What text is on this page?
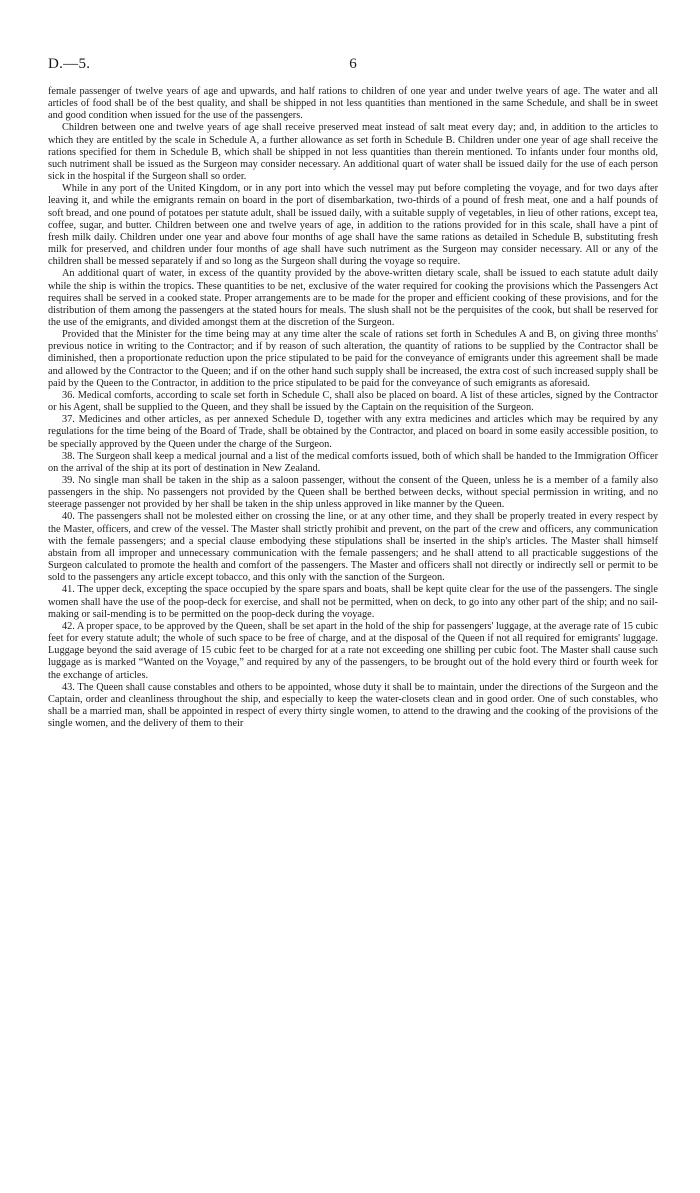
D.—5.	6

female passenger of twelve years of age and upwards, and half rations to children of one year and under twelve years of age. The water and all articles of food shall be of the best quality, and shall be shipped in not less quantities than mentioned in the same Schedule, and shall be in sweet and good condition when issued for the use of the passengers.

Children between one and twelve years of age shall receive preserved meat instead of salt meat every day; and, in addition to the articles to which they are entitled by the scale in Schedule A, a further allowance as set forth in Schedule B. Children under one year of age shall receive the rations specified for them in Schedule B, which shall be shipped in not less quantities than therein mentioned. To infants under four months old, such nutriment shall be issued as the Surgeon may consider necessary. An additional quart of water shall be issued daily for the use of each person sick in the hospital if the Surgeon shall so order.

While in any port of the United Kingdom, or in any port into which the vessel may put before completing the voyage, and for two days after leaving it, and while the emigrants remain on board in the port of disembarkation, two-thirds of a pound of fresh meat, one and a half pounds of soft bread, and one pound of potatoes per statute adult, shall be issued daily, with a suitable supply of vegetables, in lieu of other rations, except tea, coffee, sugar, and butter. Children between one and twelve years of age, in addition to the rations provided for in this scale, shall have a pint of fresh milk daily. Children under one year and above four months of age shall have the same rations as detailed in Schedule B, substituting fresh milk for preserved, and children under four months of age shall have such nutriment as the Surgeon may consider necessary. All or any of the children shall be messed separately if and so long as the Surgeon shall during the voyage so require.

An additional quart of water, in excess of the quantity provided by the above-written dietary scale, shall be issued to each statute adult daily while the ship is within the tropics. These quantities to be net, exclusive of the water required for cooking the provisions which the Passengers Act requires shall be served in a cooked state. Proper arrangements are to be made for the proper and efficient cooking of these provisions, and for the distribution of them among the passengers at the stated hours for meals. The slush shall not be the perquisites of the cook, but shall be reserved for the use of the emigrants, and divided amongst them at the discretion of the Surgeon.

Provided that the Minister for the time being may at any time alter the scale of rations set forth in Schedules A and B, on giving three months' previous notice in writing to the Contractor; and if by reason of such alteration, the quantity of rations to be supplied by the Contractor shall be diminished, then a proportionate reduction upon the price stipulated to be paid for the conveyance of emigrants under this agreement shall be made and allowed by the Contractor to the Queen; and if on the other hand such supply shall be increased, the extra cost of such increased supply shall be paid by the Queen to the Contractor, in addition to the price stipulated to be paid for the conveyance of such emigrants as aforesaid.

36. Medical comforts, according to scale set forth in Schedule C, shall also be placed on board. A list of these articles, signed by the Contractor or his Agent, shall be supplied to the Queen, and they shall be issued by the Captain on the requisition of the Surgeon.

37. Medicines and other articles, as per annexed Schedule D, together with any extra medicines and articles which may be required by any regulations for the time being of the Board of Trade, shall be obtained by the Contractor, and placed on board in some easily accessible position, to be specially approved by the Queen under the charge of the Surgeon.

38. The Surgeon shall keep a medical journal and a list of the medical comforts issued, both of which shall be handed to the Immigration Officer on the arrival of the ship at its port of destination in New Zealand.

39. No single man shall be taken in the ship as a saloon passenger, without the consent of the Queen, unless he is a member of a family also passengers in the ship. No passengers not provided by the Queen shall be berthed between decks, without special permission in writing, and no steerage passenger not provided by her shall be taken in the ship unless approved in like manner by the Queen.

40. The passengers shall not be molested either on crossing the line, or at any other time, and they shall be properly treated in every respect by the Master, officers, and crew of the vessel. The Master shall strictly prohibit and prevent, on the part of the crew and officers, any communication with the female passengers; and a special clause embodying these stipulations shall be inserted in the ship's articles. The Master shall himself abstain from all improper and unnecessary communication with the female passengers; and he shall attend to all practicable suggestions of the Surgeon calculated to promote the health and comfort of the passengers. The Master and officers shall not directly or indirectly sell or permit to be sold to the passengers any article except tobacco, and this only with the sanction of the Surgeon.

41. The upper deck, excepting the space occupied by the spare spars and boats, shall be kept quite clear for the use of the passengers. The single women shall have the use of the poop-deck for exercise, and shall not be permitted, when on deck, to go into any other part of the ship; and no sail-making or sail-mending is to be permitted on the poop-deck during the voyage.

42. A proper space, to be approved by the Queen, shall be set apart in the hold of the ship for passengers' luggage, at the average rate of 15 cubic feet for every statute adult; the whole of such space to be free of charge, and at the disposal of the Queen if not all required for emigrants' luggage. Luggage beyond the said average of 15 cubic feet to be charged for at a rate not exceeding one shilling per cubic foot. The Master shall cause such luggage as is marked “Wanted on the Voyage,” and required by any of the passengers, to be brought out of the hold every third or fourth week for the exchange of articles.

43. The Queen shall cause constables and others to be appointed, whose duty it shall be to maintain, under the directions of the Surgeon and the Captain, order and cleanliness throughout the ship, and especially to keep the water-closets clean and in good order. One of such constables, who shall be a married man, shall be appointed in respect of every thirty single women, to attend to the drawing and the cooking of the provisions of the single women, and the delivery of them to their
